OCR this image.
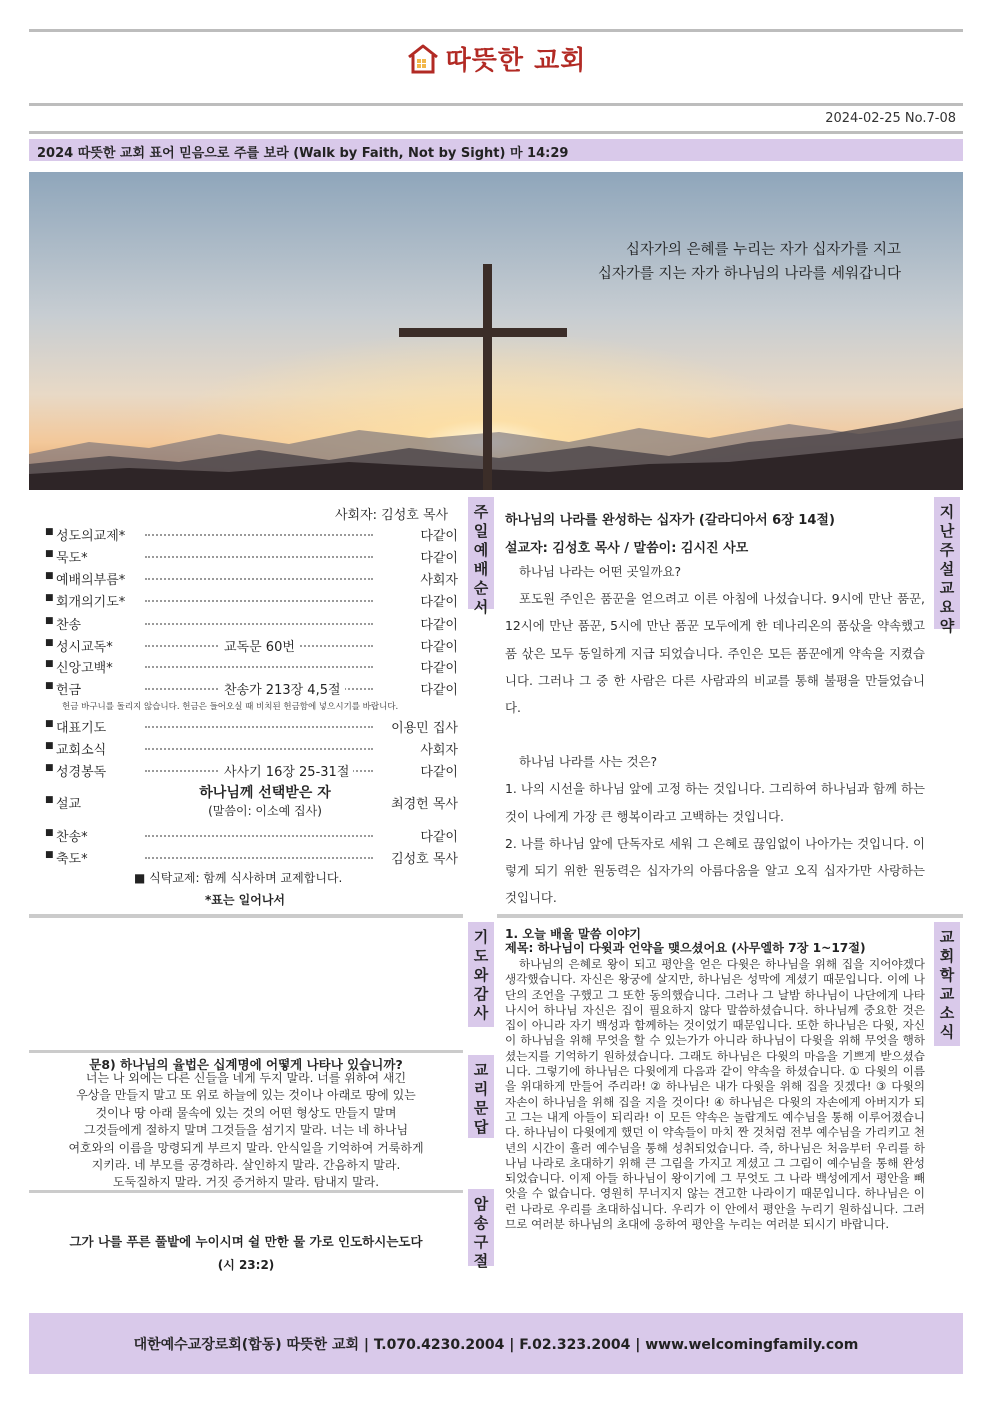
따뜻한 교회
2024-02-25 No.7-08
2024 따뜻한 교회 표어 믿음으로 주를 보라 (Walk by Faith, Not by Sight) 마 14:29
십자가의 은혜를 누리는 자가 십자가를 지고
십자가를 지는 자가 하나님의 나라를 세워갑니다
사회자: 김성호 목사
■ 성도의교제*	다같이
■ 묵도*	다같이
■ 예배의부름*	사회자
■ 회개의기도*	다같이
■ 찬송	다같이
■ 성시교독*	교독문 60번	다같이
■ 신앙고백*	다같이
■ 헌금	찬송가 213장 4,5절	다같이
■ 대표기도	이용민 집사
■ 교회소식	사회자
■ 성경봉독	사사기 16장 25-31절	다같이
■ 설교	최경헌 목사
■ 찬송*	다같이
■ 축도*	김성호 목사
헌금 바구니를 돌리지 않습니다. 헌금은 들어오실 때 비치된 헌금함에 넣으시기를 바랍니다.
하나님께 선택받은 자
(말씀이: 이소예 집사)
■ 식탁교제: 함께 식사하며 교제합니다.
*표는 일어나서
주
일
예
배
순
서
지
난
주
설
교
요
약
기
도
와
감
사
교
회
학
교
소
식
교
리
문
답
암
송
구
절
하나님의 나라를 완성하는 십자가 (갈라디아서 6장 14절)
설교자: 김성호 목사 / 말씀이: 김시진 사모

하나님 나라는 어떤 곳일까요?

포도원 주인은 품꾼을 얻으려고 이른 아침에 나섰습니다. 9시에 만난 품꾼, 12시에 만난 품꾼, 5시에 만난 품꾼 모두에게 한 데나리온의 품삯을 약속했고 품 삯은 모두 동일하게 지급 되었습니다. 주인은 모든 품꾼에게 약속을 지켰습니다. 그러나 그 중 한 사람은 다른 사람과의 비교를 통해 불평을 만들었습니다.

하나님 나라를 사는 것은?

1. 나의 시선을 하나님 앞에 고정 하는 것입니다. 그리하여 하나님과 함께 하는 것이 나에게 가장 큰 행복이라고 고백하는 것입니다.

2. 나를 하나님 앞에 단독자로 세워 그 은혜로 끊임없이 나아가는 것입니다. 이렇게 되기 위한 원동력은 십자가의 아름다움을 알고 오직 십자가만 사랑하는 것입니다.

1. 오늘 배울 말씀 이야기
제목: 하나님이 다윗과 언약을 맺으셨어요 (사무엘하 7장 1~17절)
하나님의 은혜로 왕이 되고 평안을 얻은 다윗은 하나님을 위해 집을 지어야겠다 생각했습니다. 자신은 왕궁에 살지만, 하나님은 성막에 계셨기 때문입니다. 이에 나단의 조언을 구했고 그 또한 동의했습니다. 그러나 그 날밤 하나님이 나단에게 나타나시어 하나님 자신은 집이 필요하지 않다 말씀하셨습니다. 하나님께 중요한 것은 집이 아니라 자기 백성과 함께하는 것이었기 때문입니다. 또한 하나님은 다윗, 자신이 하나님을 위해 무엇을 할 수 있는가가 아니라 하나님이 다윗을 위해 무엇을 행하셨는지를 기억하기 원하셨습니다. 그래도 하나님은 다윗의 마음을 기쁘게 받으셨습니다. 그렇기에 하나님은 다윗에게 다음과 같이 약속을 하셨습니다. ① 다윗의 이름을 위대하게 만들어 주리라! ② 하나님은 내가 다윗을 위해 집을 짓겠다! ③ 다윗의 자손이 하나님을 위해 집을 지을 것이다! ④ 하나님은 다윗의 자손에게 아버지가 되고 그는 내게 아들이 되리라! 이 모든 약속은 놀랍게도 예수님을 통해 이루어졌습니다. 하나님이 다윗에게 했던 이 약속들이 마치 짠 것처럼 전부 예수님을 가리키고 천 년의 시간이 흘러 예수님을 통해 성취되었습니다. 즉, 하나님은 처음부터 우리를 하나님 나라로 초대하기 위해 큰 그림을 가지고 계셨고 그 그림이 예수님을 통해 완성되었습니다. 이제 아들 하나님이 왕이기에 그 무엇도 그 나라 백성에게서 평안을 빼앗을 수 없습니다. 영원히 무너지지 않는 견고한 나라이기 때문입니다. 하나님은 이런 나라로 우리를 초대하십니다. 우리가 이 안에서 평안을 누리기 원하십니다. 그러므로 여러분 하나님의 초대에 응하여 평안을 누리는 여러분 되시기 바랍니다.
문8) 하나님의 율법은 십계명에 어떻게 나타나 있습니까?
너는 나 외에는 다른 신들을 네게 두지 말라. 너를 위하여 새긴
우상을 만들지 말고 또 위로 하늘에 있는 것이나 아래로 땅에 있는
것이나 땅 아래 물속에 있는 것의 어떤 형상도 만들지 말며
그것들에게 절하지 말며 그것들을 섬기지 말라. 너는 네 하나님
여호와의 이름을 망령되게 부르지 말라. 안식일을 기억하여 거룩하게
지키라. 네 부모를 공경하라. 살인하지 말라. 간음하지 말라.
도둑질하지 말라. 거짓 증거하지 말라. 탐내지 말라.
그가 나를 푸른 풀밭에 누이시며 쉴 만한 물 가로 인도하시는도다
(시 23:2)
대한예수교장로회(합동) 따뜻한 교회 | T.070.4230.2004 | F.02.323.2004 | www.welcomingfamily.com
